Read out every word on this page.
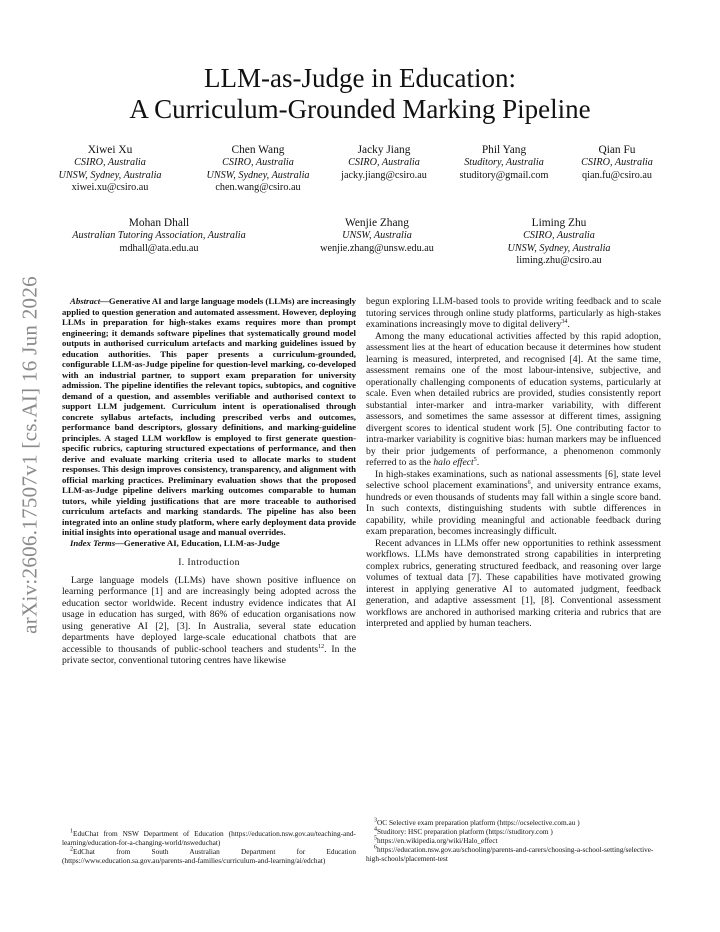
arXiv:2606.17507v1 [cs.AI] 16 Jun 2026
LLM-as-Judge in Education:
A Curriculum-Grounded Marking Pipeline
Xiwei Xu
CSIRO, Australia
UNSW, Sydney, Australia
xiwei.xu@csiro.au
Chen Wang
CSIRO, Australia
UNSW, Sydney, Australia
chen.wang@csiro.au
Jacky Jiang
CSIRO, Australia
jacky.jiang@csiro.au
Phil Yang
Studitory, Australia
studitory@gmail.com
Qian Fu
CSIRO, Australia
qian.fu@csiro.au
Mohan Dhall
Australian Tutoring Association, Australia
mdhall@ata.edu.au
Wenjie Zhang
UNSW, Australia
wenjie.zhang@unsw.edu.au
Liming Zhu
CSIRO, Australia
UNSW, Sydney, Australia
liming.zhu@csiro.au

Abstract—Generative AI and large language models (LLMs) are increasingly applied to question generation and automated assessment. However, deploying LLMs in preparation for high-stakes exams requires more than prompt engineering; it demands software pipelines that systematically ground model outputs in authorised curriculum artefacts and marking guidelines issued by education authorities. This paper presents a curriculum-grounded, configurable LLM-as-Judge pipeline for question-level marking, co-developed with an industrial partner, to support exam preparation for university admission. The pipeline identifies the relevant topics, subtopics, and cognitive demand of a question, and assembles verifiable and authorised context to support LLM judgement. Curriculum intent is operationalised through concrete syllabus artefacts, including prescribed verbs and outcomes, performance band descriptors, glossary definitions, and marking-guideline principles. A staged LLM workflow is employed to first generate question-specific rubrics, capturing structured expectations of performance, and then derive and evaluate marking criteria used to allocate marks to student responses. This design improves consistency, transparency, and alignment with official marking practices. Preliminary evaluation shows that the proposed LLM-as-Judge pipeline delivers marking outcomes comparable to human tutors, while yielding justifications that are more traceable to authorised curriculum artefacts and marking standards. The pipeline has also been integrated into an online study platform, where early deployment data provide initial insights into operational usage and manual overrides.

Index Terms—Generative AI, Education, LLM-as-Judge

I. Introduction

Large language models (LLMs) have shown positive influence on learning performance [1] and are increasingly being adopted across the education sector worldwide. Recent industry evidence indicates that AI usage in education has surged, with 86% of education organisations now using generative AI [2], [3]. In Australia, several state education departments have deployed large-scale educational chatbots that are accessible to thousands of public-school teachers and students$^{12}$. In the private sector, conventional tutoring centres have likewise

begun exploring LLM-based tools to provide writing feedback and to scale tutoring services through online study platforms, particularly as high-stakes examinations increasingly move to digital delivery$^{34}$.

Among the many educational activities affected by this rapid adoption, assessment lies at the heart of education because it determines how student learning is measured, interpreted, and recognised [4]. At the same time, assessment remains one of the most labour-intensive, subjective, and operationally challenging components of education systems, particularly at scale. Even when detailed rubrics are provided, studies consistently report substantial inter-marker and intra-marker variability, with different assessors, and sometimes the same assessor at different times, assigning divergent scores to identical student work [5]. One contributing factor to intra-marker variability is cognitive bias: human markers may be influenced by their prior judgements of performance, a phenomenon commonly referred to as the halo effect$^5$.

In high-stakes examinations, such as national assessments [6], state level selective school placement examinations$^6$, and university entrance exams, hundreds or even thousands of students may fall within a single score band. In such contexts, distinguishing students with subtle differences in capability, while providing meaningful and actionable feedback during exam preparation, becomes increasingly difficult.

Recent advances in LLMs offer new opportunities to rethink assessment workflows. LLMs have demonstrated strong capabilities in interpreting complex rubrics, generating structured feedback, and reasoning over large volumes of textual data [7]. These capabilities have motivated growing interest in applying generative AI to automated judgment, feedback generation, and adaptive assessment [1], [8]. Conventional assessment workflows are anchored in authorised marking criteria and rubrics that are interpreted and applied by human teachers.

$^1$EduChat from NSW Department of Education (https://education.nsw.gov.au/teaching-and-learning/education-for-a-changing-world/nsweduchat)
$^2$EdChat from South Australian Department for Education (https://www.education.sa.gov.au/parents-and-families/curriculum-and-learning/ai/edchat)
$^3$OC Selective exam preparation platform (https://ocselective.com.au )
$^4$Studitory: HSC preparation platform (https://studitory.com )
$^5$https://en.wikipedia.org/wiki/Halo_effect
$^6$https://education.nsw.gov.au/schooling/parents-and-carers/choosing-a-school-setting/selective-high-schools/placement-test
